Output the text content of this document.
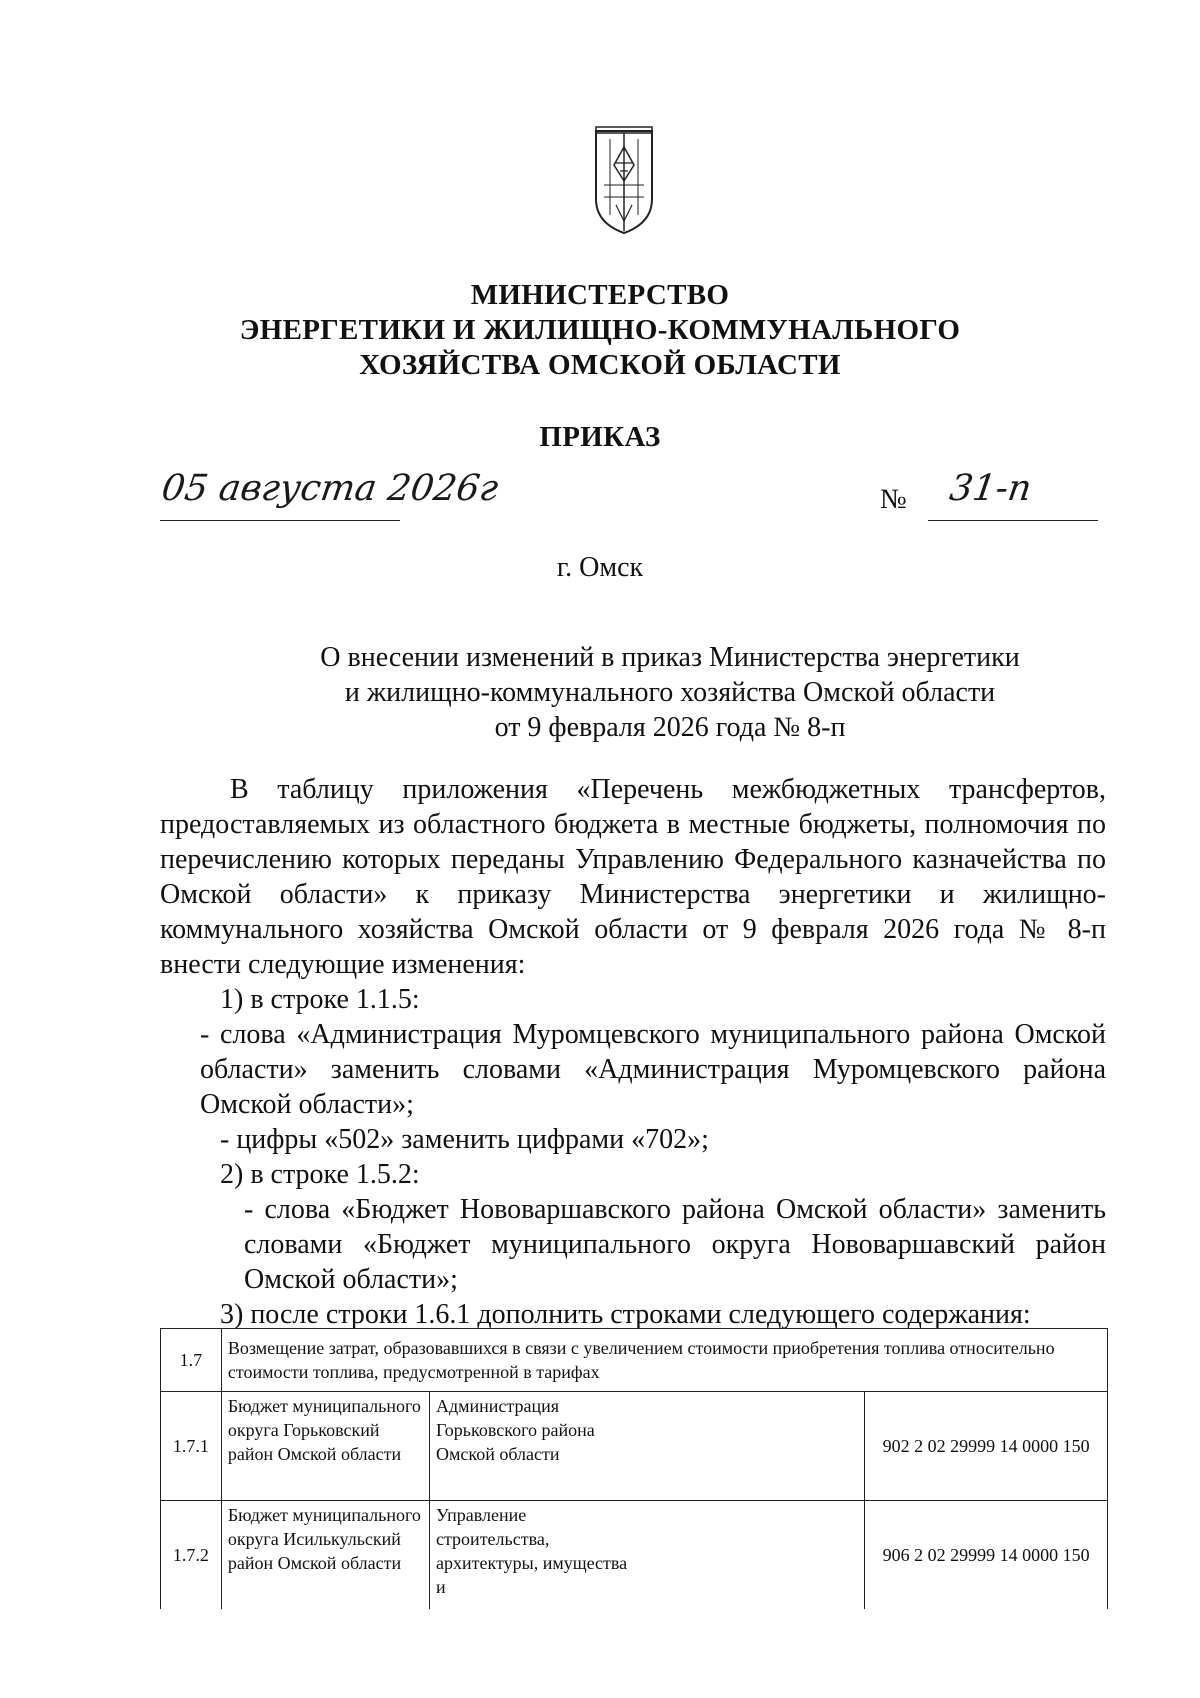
МИНИСТЕРСТВО
ЭНЕРГЕТИКИ И ЖИЛИЩНО-КОММУНАЛЬНОГО
ХОЗЯЙСТВА ОМСКОЙ ОБЛАСТИ
ПРИКАЗ
05 августа 2026г	№ 31-п
г. Омск
О внесении изменений в приказ Министерства энергетики
и жилищно-коммунального хозяйства Омской области
от 9 февраля 2026 года № 8-п

В таблицу приложения «Перечень межбюджетных трансфертов, предоставляемых из областного бюджета в местные бюджеты, полномочия по перечислению которых переданы Управлению Федерального казначейства по Омской области» к приказу Министерства энергетики и жилищно-коммунального хозяйства Омской области от 9 февраля 2026 года № 8-п внести следующие изменения:

1) в строке 1.1.5:

- слова «Администрация Муромцевского муниципального района Омской области» заменить словами «Администрация Муромцевского района Омской области»;

- цифры «502» заменить цифрами «702»;

2) в строке 1.5.2:

- слова «Бюджет Нововаршавского района Омской области» заменить словами «Бюджет муниципального округа Нововаршавский район Омской области»;

3) после строки 1.6.1 дополнить строками следующего содержания:

1.7	Возмещение затрат, образовавшихся в связи с увеличением стоимости приобретения топлива относительно стоимости топлива, предусмотренной в тарифах			
1.7.1	Бюджет муниципального округа Горьковский район Омской области	Администрация Горьковского района Омской области		902 2 02 29999 14 0000 150
1.7.2	Бюджет муниципального округа Исилькульский район Омской области	Управление строительства, архитектуры, имущества и		906 2 02 29999 14 0000 150
